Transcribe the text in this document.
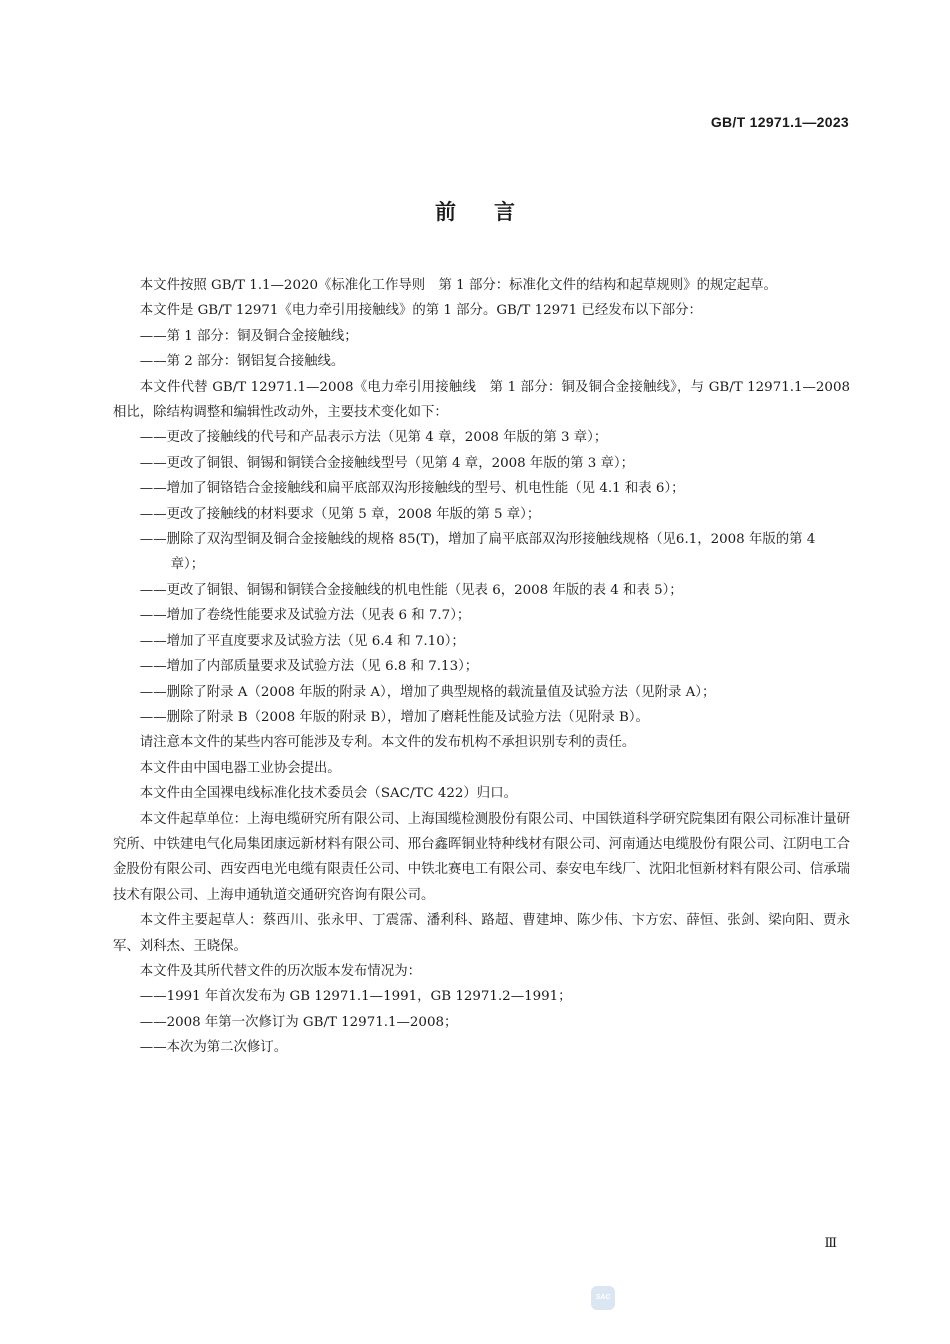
GB/T 12971.1—2023
前言

本文件按照 GB/T 1.1—2020《标准化工作导则　第 1 部分：标准化文件的结构和起草规则》的规定起草。

本文件是 GB/T 12971《电力牵引用接触线》的第 1 部分。GB/T 12971 已经发布以下部分：

——第 1 部分：铜及铜合金接触线；

——第 2 部分：钢铝复合接触线。

本文件代替 GB/T 12971.1—2008《电力牵引用接触线　第 1 部分：铜及铜合金接触线》，与 GB/T 12971.1—2008 相比，除结构调整和编辑性改动外，主要技术变化如下：

——更改了接触线的代号和产品表示方法（见第 4 章，2008 年版的第 3 章）；

——更改了铜银、铜锡和铜镁合金接触线型号（见第 4 章，2008 年版的第 3 章）；

——增加了铜铬锆合金接触线和扁平底部双沟形接触线的型号、机电性能（见 4.1 和表 6）；

——更改了接触线的材料要求（见第 5 章，2008 年版的第 5 章）；

——删除了双沟型铜及铜合金接触线的规格 85(T)，增加了扁平底部双沟形接触线规格（见6.1，2008 年版的第 4 章）；

——更改了铜银、铜锡和铜镁合金接触线的机电性能（见表 6，2008 年版的表 4 和表 5）；

——增加了卷绕性能要求及试验方法（见表 6 和 7.7）；

——增加了平直度要求及试验方法（见 6.4 和 7.10）；

——增加了内部质量要求及试验方法（见 6.8 和 7.13）；

——删除了附录 A（2008 年版的附录 A），增加了典型规格的载流量值及试验方法（见附录 A）；

——删除了附录 B（2008 年版的附录 B），增加了磨耗性能及试验方法（见附录 B）。

请注意本文件的某些内容可能涉及专利。本文件的发布机构不承担识别专利的责任。

本文件由中国电器工业协会提出。

本文件由全国裸电线标准化技术委员会（SAC/TC 422）归口。

本文件起草单位：上海电缆研究所有限公司、上海国缆检测股份有限公司、中国铁道科学研究院集团有限公司标准计量研究所、中铁建电气化局集团康远新材料有限公司、邢台鑫晖铜业特种线材有限公司、河南通达电缆股份有限公司、江阴电工合金股份有限公司、西安西电光电缆有限责任公司、中铁北赛电工有限公司、泰安电车线厂、沈阳北恒新材料有限公司、信承瑞技术有限公司、上海申通轨道交通研究咨询有限公司。

本文件主要起草人：蔡西川、张永甲、丁震霈、潘利科、路超、曹建坤、陈少伟、卞方宏、薛恒、张剑、梁向阳、贾永军、刘科杰、王晓保。

本文件及其所代替文件的历次版本发布情况为：

——1991 年首次发布为 GB 12971.1—1991，GB 12971.2—1991；

——2008 年第一次修订为 GB/T 12971.1—2008；

——本次为第二次修订。

Ⅲ
SAC
